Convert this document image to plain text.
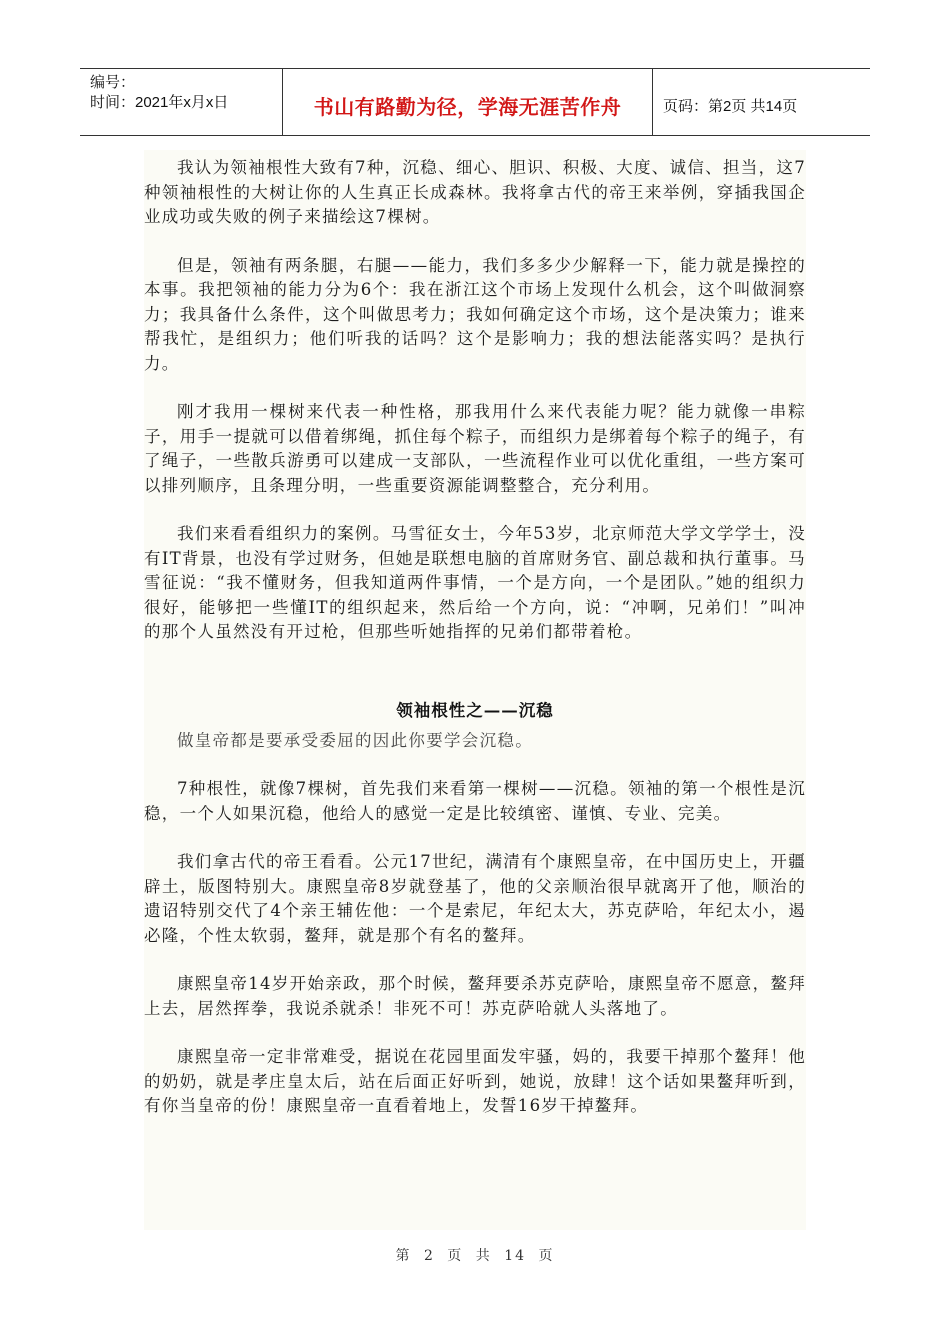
编号：
时间：2021年x月x日	书山有路勤为径，学海无涯苦作舟	页码：第2页 共14页

我认为领袖根性大致有7种，沉稳、细心、胆识、积极、大度、诚信、担当，这7种领袖根性的大树让你的人生真正长成森林。我将拿古代的帝王来举例，穿插我国企业成功或失败的例子来描绘这7棵树。

但是，领袖有两条腿，右腿——能力，我们多多少少解释一下，能力就是操控的本事。我把领袖的能力分为6个：我在浙江这个市场上发现什么机会，这个叫做洞察力；我具备什么条件，这个叫做思考力；我如何确定这个市场，这个是决策力；谁来帮我忙，是组织力；他们听我的话吗？这个是影响力；我的想法能落实吗？是执行力。

刚才我用一棵树来代表一种性格，那我用什么来代表能力呢？能力就像一串粽子，用手一提就可以借着绑绳，抓住每个粽子，而组织力是绑着每个粽子的绳子，有了绳子，一些散兵游勇可以建成一支部队，一些流程作业可以优化重组，一些方案可以排列顺序，且条理分明，一些重要资源能调整整合，充分利用。

我们来看看组织力的案例。马雪征女士，今年53岁，北京师范大学文学学士，没有IT背景，也没有学过财务，但她是联想电脑的首席财务官、副总裁和执行董事。马雪征说：“我不懂财务，但我知道两件事情，一个是方向，一个是团队。”她的组织力很好，能够把一些懂IT的组织起来，然后给一个方向，说：“冲啊，兄弟们！”叫冲的那个人虽然没有开过枪，但那些听她指挥的兄弟们都带着枪。

领袖根性之——沉稳

做皇帝都是要承受委屈的因此你要学会沉稳。

7种根性，就像7棵树，首先我们来看第一棵树——沉稳。领袖的第一个根性是沉稳，一个人如果沉稳，他给人的感觉一定是比较缜密、谨慎、专业、完美。

我们拿古代的帝王看看。公元17世纪，满清有个康熙皇帝，在中国历史上，开疆辟土，版图特别大。康熙皇帝8岁就登基了，他的父亲顺治很早就离开了他，顺治的遗诏特别交代了4个亲王辅佐他：一个是索尼，年纪太大，苏克萨哈，年纪太小，遏必隆，个性太软弱，鳌拜，就是那个有名的鳌拜。

康熙皇帝14岁开始亲政，那个时候，鳌拜要杀苏克萨哈，康熙皇帝不愿意，鳌拜上去，居然挥拳，我说杀就杀！非死不可！苏克萨哈就人头落地了。

康熙皇帝一定非常难受，据说在花园里面发牢骚，妈的，我要干掉那个鳌拜！他的奶奶，就是孝庄皇太后，站在后面正好听到，她说，放肆！这个话如果鳌拜听到，有你当皇帝的份！康熙皇帝一直看着地上，发誓16岁干掉鳌拜。

第 2 页 共 14 页
